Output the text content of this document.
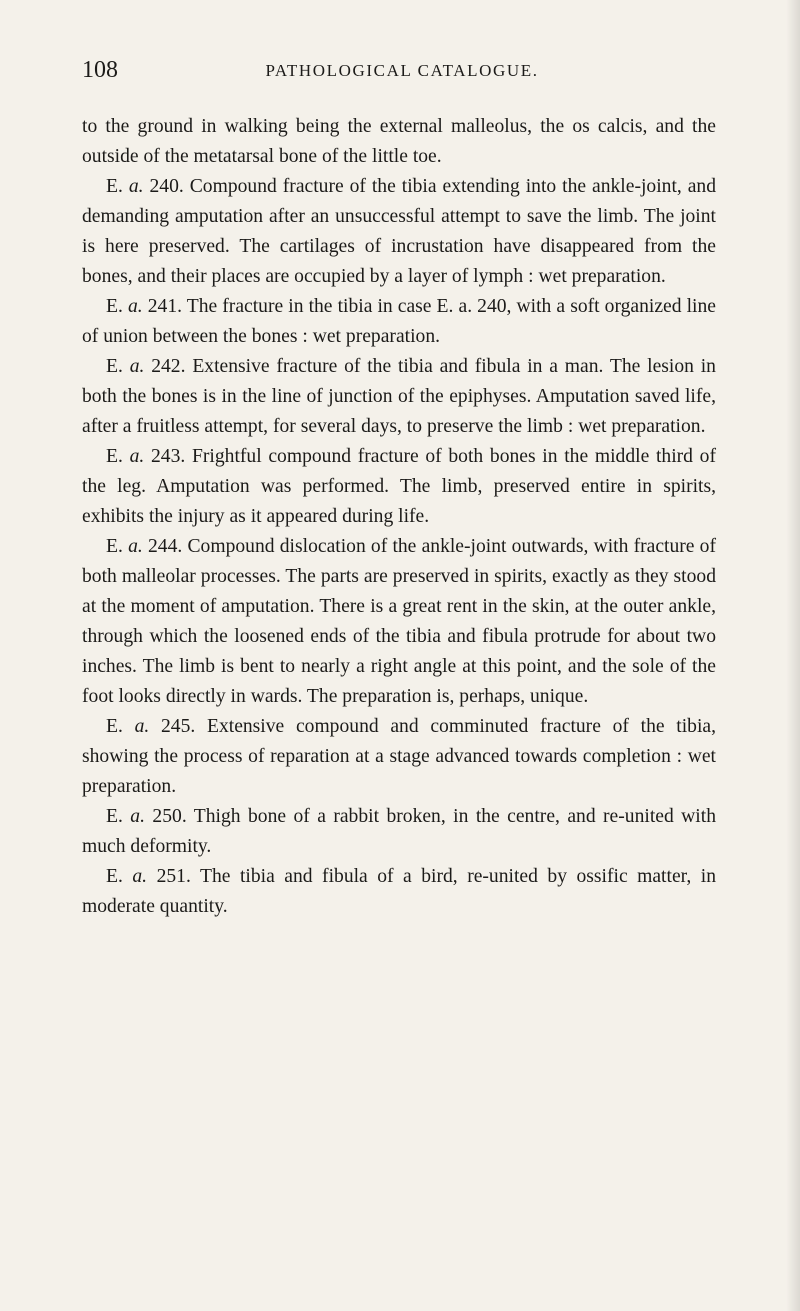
108	PATHOLOGICAL CATALOGUE.

to the ground in walking being the external malleolus, the os calcis, and the outside of the metatarsal bone of the little toe.

E. a. 240. Compound fracture of the tibia extending into the ankle-joint, and demanding amputation after an unsuccessful attempt to save the limb. The joint is here preserved. The cartilages of incrustation have disappeared from the bones, and their places are occupied by a layer of lymph : wet preparation.

E. a. 241. The fracture in the tibia in case E. a. 240, with a soft organized line of union between the bones : wet preparation.

E. a. 242. Extensive fracture of the tibia and fibula in a man. The lesion in both the bones is in the line of junction of the epiphyses. Amputation saved life, after a fruitless attempt, for several days, to preserve the limb : wet preparation.

E. a. 243. Frightful compound fracture of both bones in the middle third of the leg. Amputation was performed. The limb, preserved entire in spirits, exhibits the injury as it appeared during life.

E. a. 244. Compound dislocation of the ankle-joint outwards, with fracture of both malleolar processes. The parts are preserved in spirits, exactly as they stood at the moment of amputation. There is a great rent in the skin, at the outer ankle, through which the loosened ends of the tibia and fibula protrude for about two inches. The limb is bent to nearly a right angle at this point, and the sole of the foot looks directly in wards. The preparation is, perhaps, unique.

E. a. 245. Extensive compound and comminuted fracture of the tibia, showing the process of reparation at a stage advanced towards completion : wet preparation.

E. a. 250. Thigh bone of a rabbit broken, in the centre, and re-united with much deformity.

E. a. 251. The tibia and fibula of a bird, re-united by ossific matter, in moderate quantity.
